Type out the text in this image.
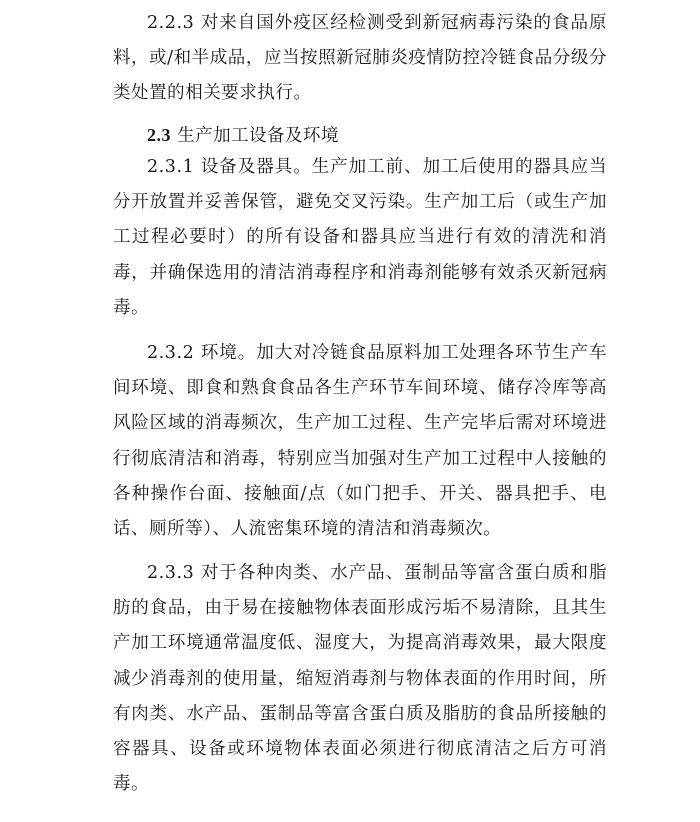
2.2.3 对来自国外疫区经检测受到新冠病毒污染的食品原料，或/和半成品，应当按照新冠肺炎疫情防控冷链食品分级分类处置的相关要求执行。

2.3 生产加工设备及环境

2.3.1 设备及器具。生产加工前、加工后使用的器具应当分开放置并妥善保管，避免交叉污染。生产加工后（或生产加工过程必要时）的所有设备和器具应当进行有效的清洗和消毒，并确保选用的清洁消毒程序和消毒剂能够有效杀灭新冠病毒。

2.3.2 环境。加大对冷链食品原料加工处理各环节生产车间环境、即食和熟食食品各生产环节车间环境、储存冷库等高风险区域的消毒频次，生产加工过程、生产完毕后需对环境进行彻底清洁和消毒，特别应当加强对生产加工过程中人接触的各种操作台面、接触面/点（如门把手、开关、器具把手、电话、厕所等）、人流密集环境的清洁和消毒频次。

2.3.3 对于各种肉类、水产品、蛋制品等富含蛋白质和脂肪的食品，由于易在接触物体表面形成污垢不易清除，且其生产加工环境通常温度低、湿度大，为提高消毒效果，最大限度减少消毒剂的使用量，缩短消毒剂与物体表面的作用时间，所有肉类、水产品、蛋制品等富含蛋白质及脂肪的食品所接触的容器具、设备或环境物体表面必须进行彻底清洁之后方可消毒。
